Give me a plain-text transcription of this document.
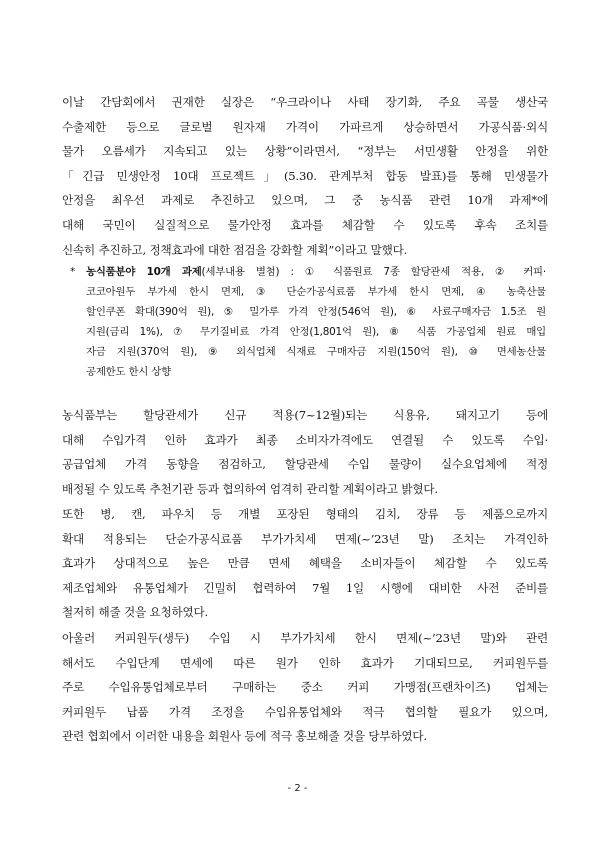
이날 간담회에서 권재한 실장은 “우크라이나 사태 장기화, 주요 곡물 생산국
수출제한 등으로 글로벌 원자재 가격이 가파르게 상승하면서 가공식품·외식
물가 오름세가 지속되고 있는 상황”이라면서, “정부는 서민생활 안정을 위한
「긴급 민생안정 10대 프로젝트」(5.30. 관계부처 합동 발표)를 통해 민생물가
안정을 최우선 과제로 추진하고 있으며, 그 중 농식품 관련 10개 과제*에
대해 국민이 실질적으로 물가안정 효과를 체감할 수 있도록 후속 조치를
신속히 추진하고, 정책효과에 대한 점검을 강화할 계획”이라고 말했다.
* 농식품분야 10개 과제(세부내용 별첨) : ① 식품원료 7종 할당관세 적용, ② 커피·
코코아원두 부가세 한시 면제, ③ 단순가공식료품 부가세 한시 면제, ④ 농축산물
할인쿠폰 확대(390억 원), ⑤ 밀가루 가격 안정(546억 원), ⑥ 사료구매자금 1.5조 원
지원(금리 1%), ⑦ 무기질비료 가격 안정(1,801억 원), ⑧ 식품 가공업체 원료 매입
자금 지원(370억 원), ⑨ 외식업체 식재료 구매자금 지원(150억 원), ⑩ 면세농산물
공제한도 한시 상향
농식품부는 할당관세가 신규 적용(7~12월)되는 식용유, 돼지고기 등에
대해 수입가격 인하 효과가 최종 소비자가격에도 연결될 수 있도록 수입·
공급업체 가격 동향을 점검하고, 할당관세 수입 물량이 실수요업체에 적정
배정될 수 있도록 추천기관 등과 협의하여 엄격히 관리할 계획이라고 밝혔다.
또한 병, 캔, 파우치 등 개별 포장된 형태의 김치, 장류 등 제품으로까지
확대 적용되는 단순가공식료품 부가가치세 면제(~’23년 말) 조치는 가격인하
효과가 상대적으로 높은 만큼 면세 혜택을 소비자들이 체감할 수 있도록
제조업체와 유통업체가 긴밀히 협력하여 7월 1일 시행에 대비한 사전 준비를
철저히 해줄 것을 요청하였다.
아울러 커피원두(생두) 수입 시 부가가치세 한시 면제(~’23년 말)와 관련
해서도 수입단계 면세에 따른 원가 인하 효과가 기대되므로, 커피원두를
주로 수입유통업체로부터 구매하는 중소 커피 가맹점(프랜차이즈) 업체는
커피원두 납품 가격 조정을 수입유통업체와 적극 협의할 필요가 있으며,
관련 협회에서 이러한 내용을 회원사 등에 적극 홍보해줄 것을 당부하였다.
- 2 -
